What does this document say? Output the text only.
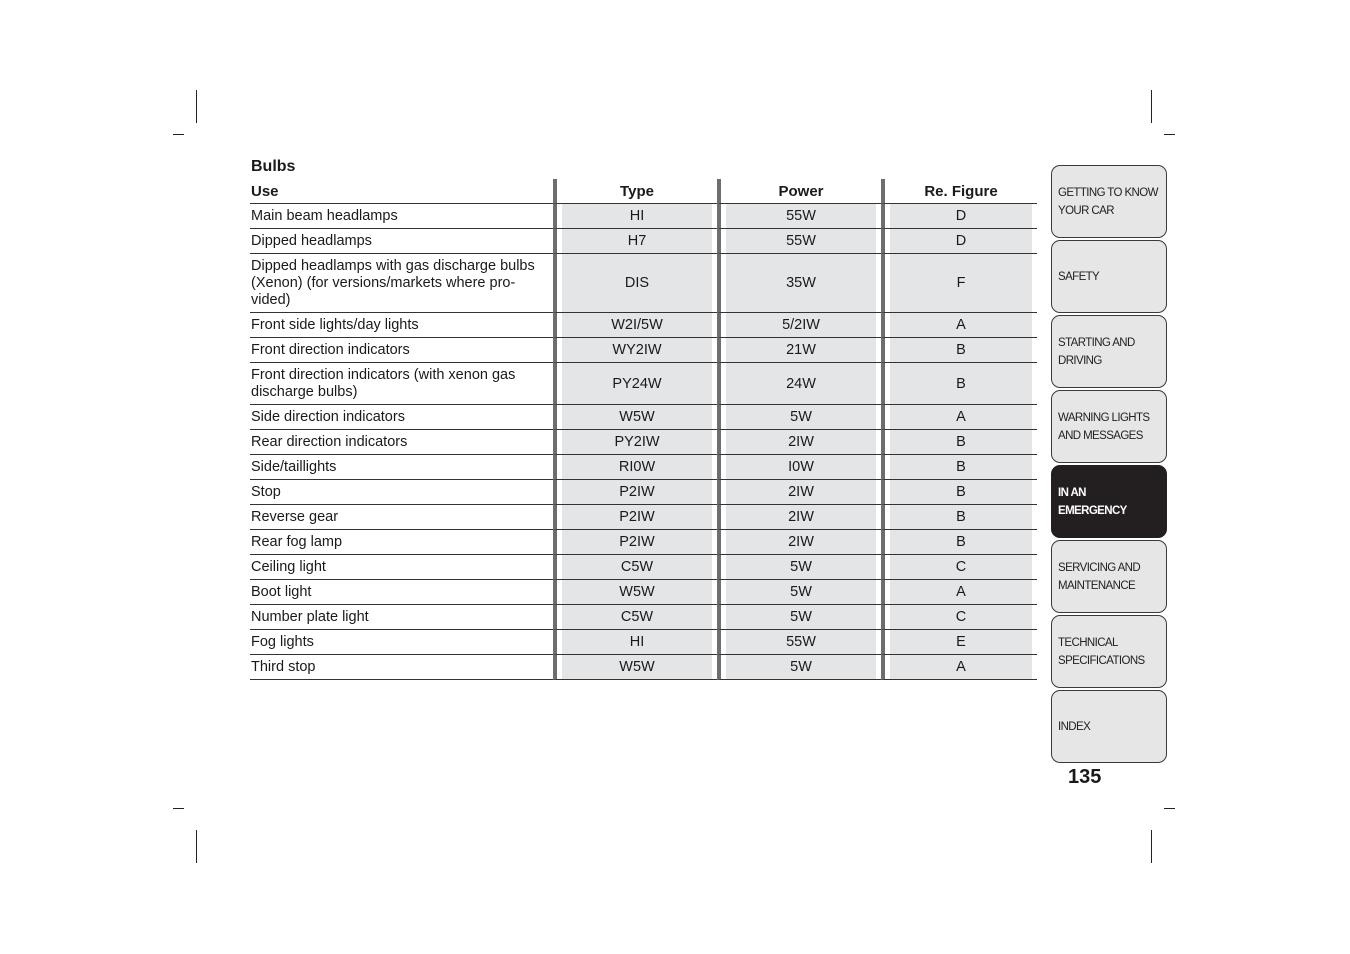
Bulbs
Use	Type	Power	Re. Figure
Main beam headlamps	HI	55W	D

Dipped headlamps	H7	55W	D

Dipped headlamps with gas discharge bulbs (Xenon) (for versions/markets where pro-vided)	DIS	35W	F

Front side lights/day lights	W2I/5W	5/2IW	A

Front direction indicators	WY2IW	21W	B

Front direction indicators (with xenon gas discharge bulbs)	PY24W	24W	B

Side direction indicators	W5W	5W	A

Rear direction indicators	PY2IW	2IW	B

Side/taillights	RI0W	I0W	B

Stop	P2IW	2IW	B

Reverse gear	P2IW	2IW	B

Rear fog lamp	P2IW	2IW	B

Ceiling light	C5W	5W	C

Boot light	W5W	5W	A

Number plate light	C5W	5W	C

Fog lights	HI	55W	E

Third stop	W5W	5W	A
GETTING TO KNOW
YOUR CAR
SAFETY
STARTING AND
DRIVING
WARNING LIGHTS
AND MESSAGES
IN AN
EMERGENCY
SERVICING AND
MAINTENANCE
TECHNICAL
SPECIFICATIONS
INDEX
135
